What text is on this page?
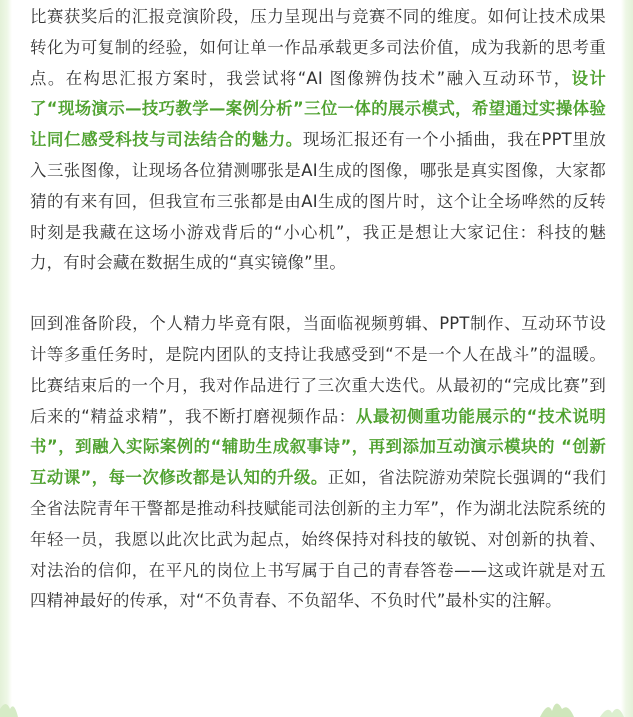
比赛获奖后的汇报竞演阶段，压力呈现出与竞赛不同的维度。如何让技术成果转化为可复制的经验，如何让单一作品承载更多司法价值，成为我新的思考重点。在构思汇报方案时，我尝试将“AI 图像辨伪技术”融入互动环节，设计了“现场演示—技巧教学—案例分析”三位一体的展示模式，希望通过实操体验让同仁感受科技与司法结合的魅力。现场汇报还有一个小插曲，我在PPT里放入三张图像，让现场各位猜测哪张是AI生成的图像，哪张是真实图像，大家都猜的有来有回，但我宣布三张都是由AI生成的图片时，这个让全场哗然的反转时刻是我藏在这场小游戏背后的“小心机”，我正是想让大家记住：科技的魅力，有时会藏在数据生成的“真实镜像”里。

回到准备阶段，个人精力毕竟有限，当面临视频剪辑、PPT制作、互动环节设计等多重任务时，是院内团队的支持让我感受到“不是一个人在战斗”的温暖。比赛结束后的一个月，我对作品进行了三次重大迭代。从最初的“完成比赛”到后来的“精益求精”，我不断打磨视频作品：从最初侧重功能展示的“技术说明书”，到融入实际案例的“辅助生成叙事诗”，再到添加互动演示模块的 “创新互动课”，每一次修改都是认知的升级。正如，省法院游劝荣院长强调的“我们全省法院青年干警都是推动科技赋能司法创新的主力军”，作为湖北法院系统的年轻一员，我愿以此次比武为起点，始终保持对科技的敏锐、对创新的执着、对法治的信仰，在平凡的岗位上书写属于自己的青春答卷——这或许就是对五四精神最好的传承，对“不负青春、不负韶华、不负时代”最朴实的注解。
